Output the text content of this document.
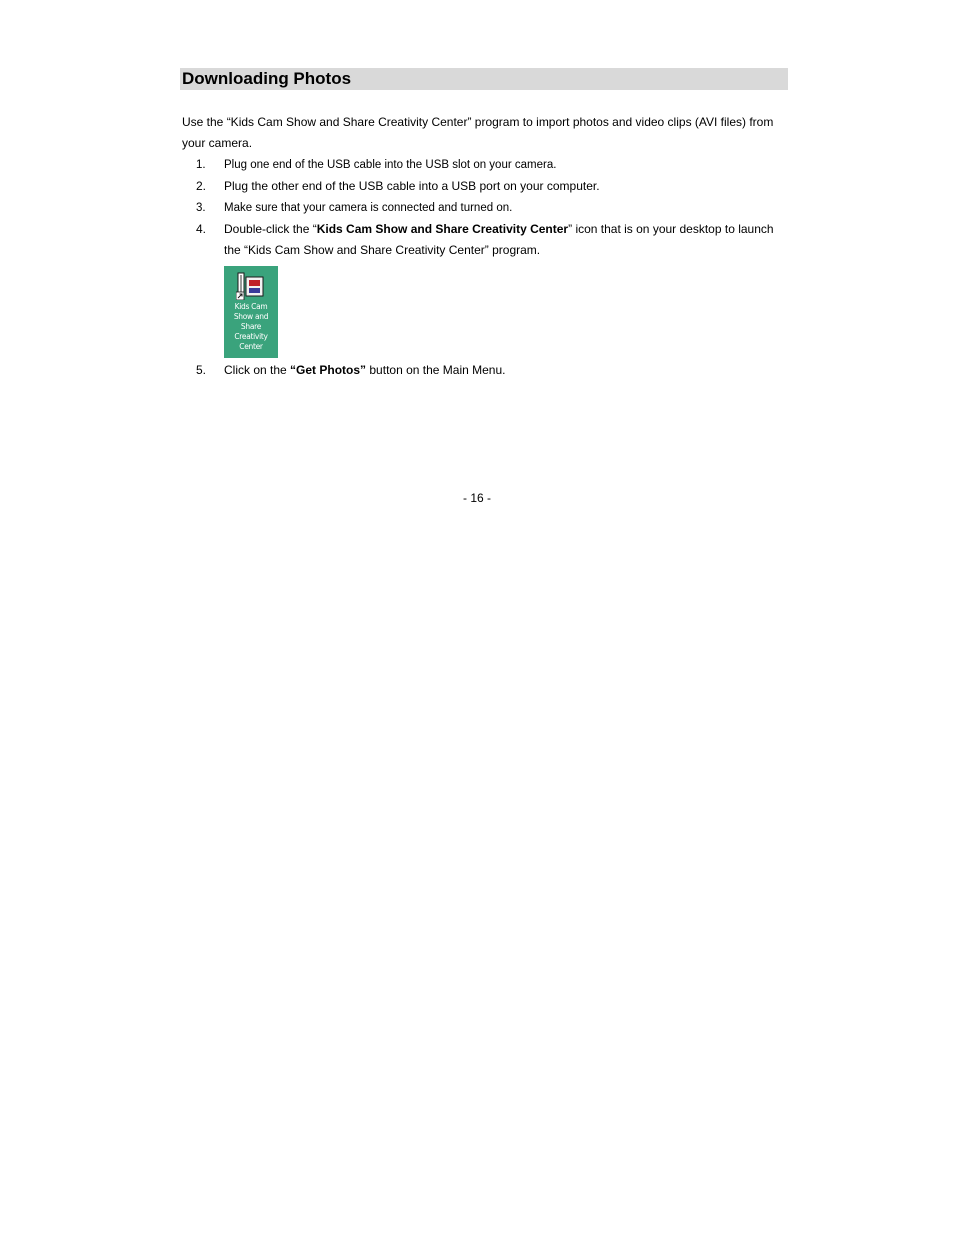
Downloading Photos

Use the “Kids Cam Show and Share Creativity Center” program to import photos and video clips (AVI files) from your camera.

1.	Plug one end of the USB cable into the USB slot on your camera.
2.	Plug the other end of the USB cable into a USB port on your computer.
3.	Make sure that your camera is connected and turned on.
4.	Double-click the “Kids Cam Show and Share Creativity Center” icon that is on your desktop to launch the “Kids Cam Show and Share Creativity Center” program.
Kids Cam
Show and
Share
Creativity
Center
5.	Click on the “Get Photos” button on the Main Menu.
- 16 -
